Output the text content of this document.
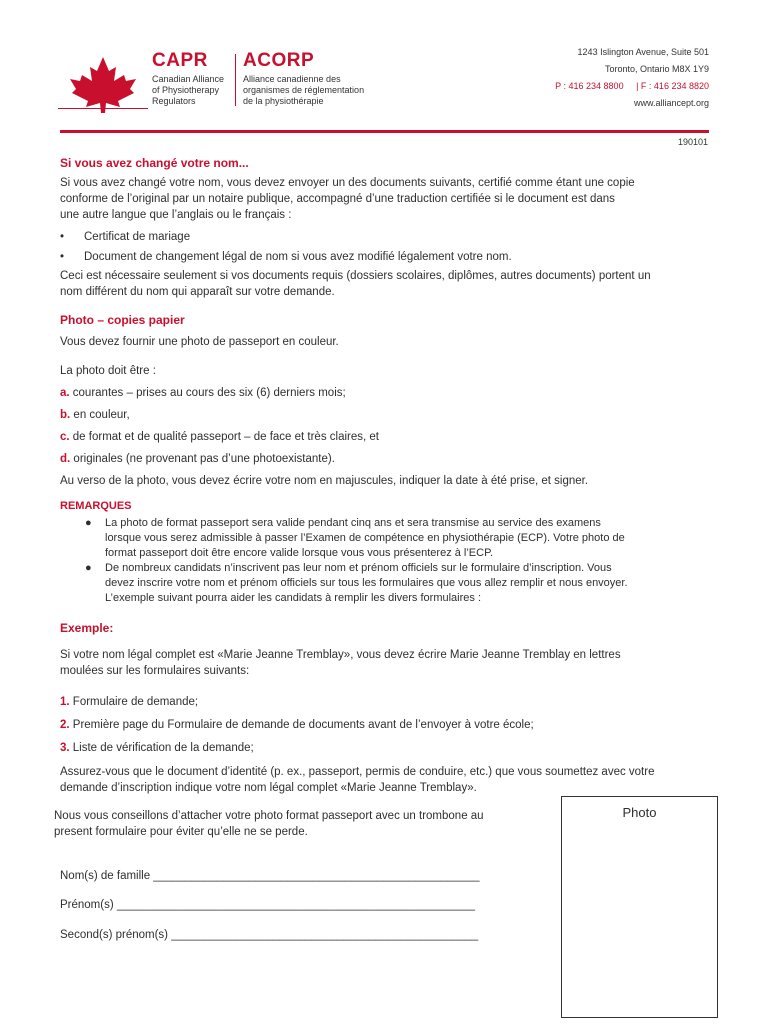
CAPR
Canadian Alliance
of Physiotherapy
Regulators
ACORP
Alliance canadienne des
organismes de réglementation
de la physiothérapie
1243 Islington Avenue, Suite 501
Toronto, Ontario M8X 1Y9
P : 416 234 8800 | F : 416 234 8820
www.alliancept.org
190101
Si vous avez changé votre nom...
Si vous avez changé votre nom, vous devez envoyer un des documents suivants, certifié comme étant une copie
conforme de l’original par un notaire publique, accompagné d’une traduction certifiée si le document est dans
une autre langue que l’anglais ou le français :
• Certificat de mariage
• Document de changement légal de nom si vous avez modifié légalement votre nom.
Ceci est nécessaire seulement si vos documents requis (dossiers scolaires, diplômes, autres documents) portent un
nom différent du nom qui apparaît sur votre demande.
Photo – copies papier
Vous devez fournir une photo de passeport en couleur.
La photo doit être :
a. courantes – prises au cours des six (6) derniers mois;
b. en couleur,
c. de format et de qualité passeport – de face et très claires, et
d. originales (ne provenant pas d’une photoexistante).
Au verso de la photo, vous devez écrire votre nom en majuscules, indiquer la date à été prise, et signer.
REMARQUES
● La photo de format passeport sera valide pendant cinq ans et sera transmise au service des examens
lorsque vous serez admissible à passer l’Examen de compétence en physiothérapie (ECP). Votre photo de
format passeport doit être encore valide lorsque vous vous présenterez à l’ECP.
● De nombreux candidats n’inscrivent pas leur nom et prénom officiels sur le formulaire d’inscription. Vous
devez inscrire votre nom et prénom officiels sur tous les formulaires que vous allez remplir et nous envoyer.
L’exemple suivant pourra aider les candidats à remplir les divers formulaires :
Exemple:
Si votre nom légal complet est «Marie Jeanne Tremblay», vous devez écrire Marie Jeanne Tremblay en lettres
moulées sur les formulaires suivants:
1. Formulaire de demande;
2. Première page du Formulaire de demande de documents avant de l’envoyer à votre école;
3. Liste de vérification de la demande;
Assurez-vous que le document d’identité (p. ex., passeport, permis de conduire, etc.) que vous soumettez avec votre
demande d’inscription indique votre nom légal complet «Marie Jeanne Tremblay».
Nous vous conseillons d’attacher votre photo format passeport avec un trombone au
present formulaire pour éviter qu’elle ne se perde.
Nom(s) de famille ___________________________________________________
Prénom(s) ________________________________________________________
Second(s) prénom(s) ________________________________________________
Photo
